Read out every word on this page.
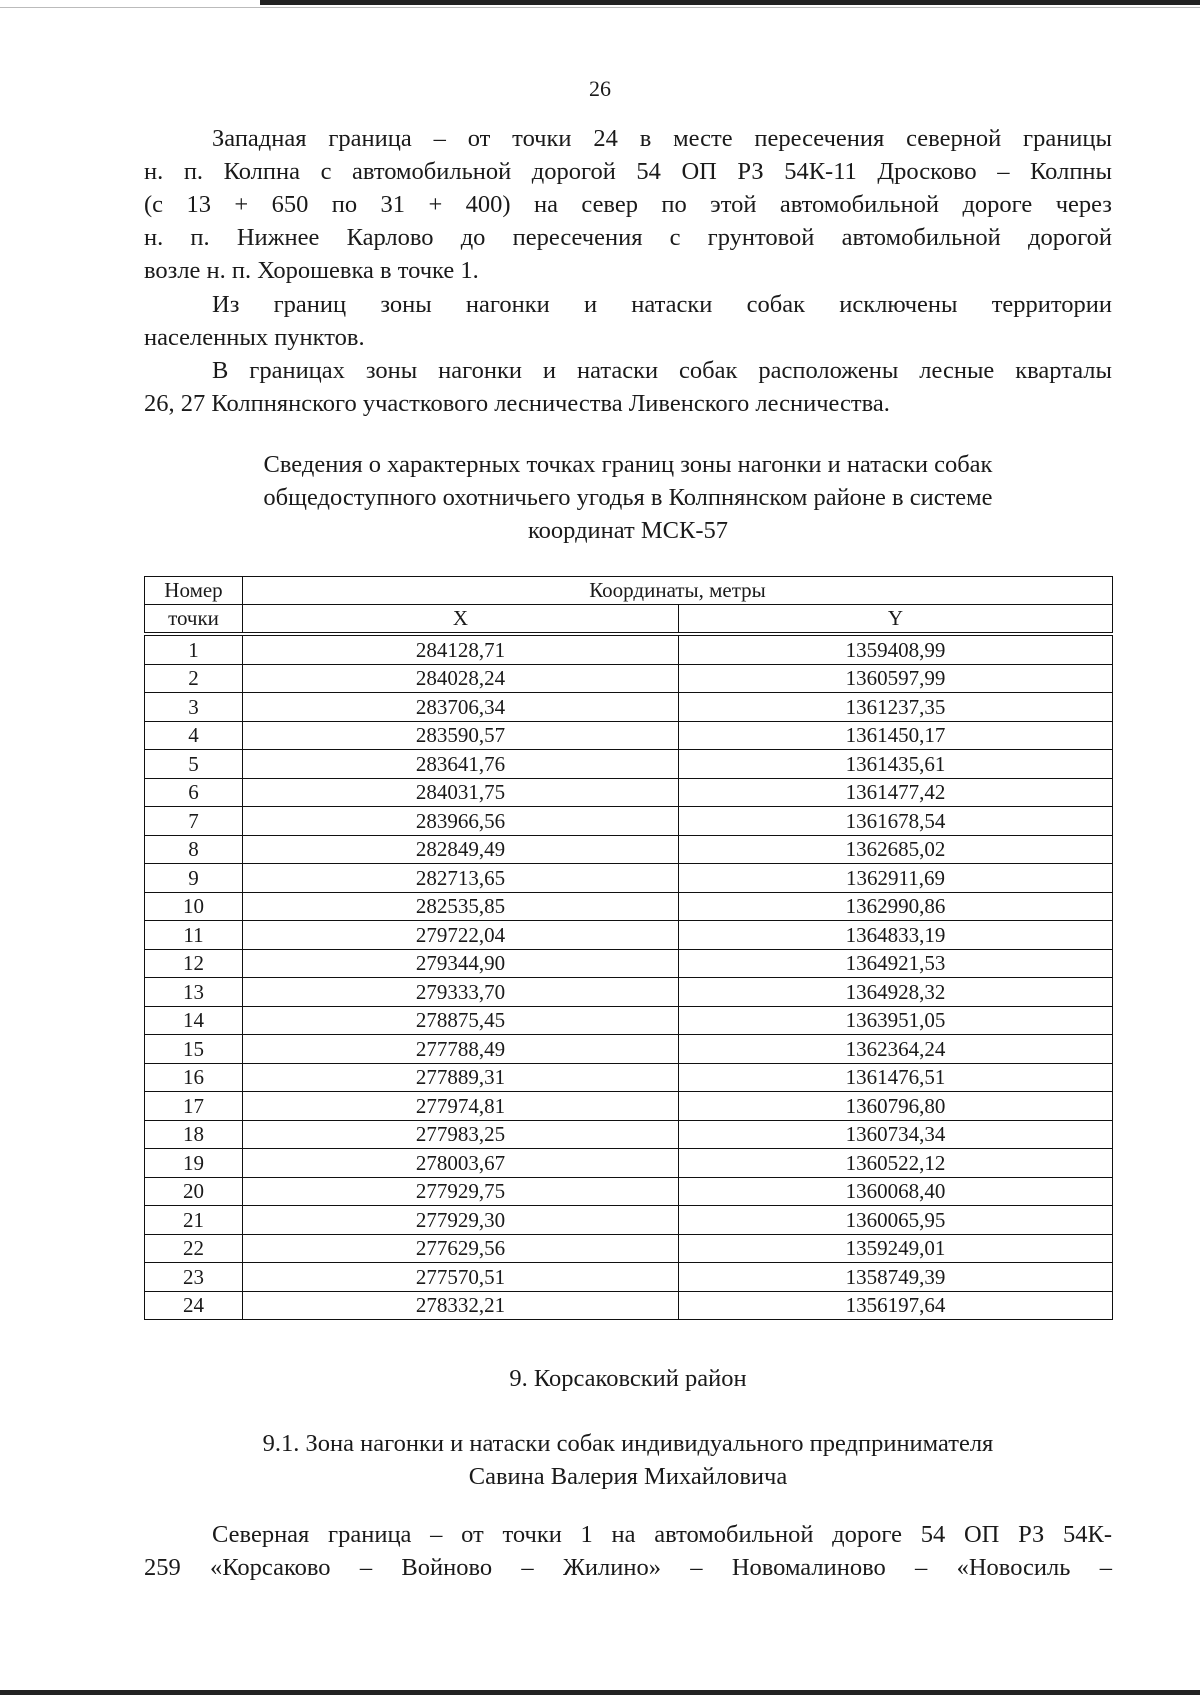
26
Западная граница – от точки 24 в месте пересечения северной границы
н. п. Колпна с автомобильной дорогой 54 ОП РЗ 54К-11 Дросково – Колпны
(с 13 + 650 по 31 + 400) на север по этой автомобильной дороге через
н. п. Нижнее Карлово до пересечения с грунтовой автомобильной дорогой
возле н. п. Хорошевка в точке 1.
Из границ зоны нагонки и натаски собак исключены территории
населенных пунктов.
В границах зоны нагонки и натаски собак расположены лесные кварталы
26, 27 Колпнянского участкового лесничества Ливенского лесничества.
Сведения о характерных точках границ зоны нагонки и натаски собак
общедоступного охотничьего угодья в Колпнянском районе в системе
координат МСК-57
Номер	Координаты, метры	
точки	X	Y
1	284128,71	1359408,99
2	284028,24	1360597,99
3	283706,34	1361237,35
4	283590,57	1361450,17
5	283641,76	1361435,61
6	284031,75	1361477,42
7	283966,56	1361678,54
8	282849,49	1362685,02
9	282713,65	1362911,69
10	282535,85	1362990,86
11	279722,04	1364833,19
12	279344,90	1364921,53
13	279333,70	1364928,32
14	278875,45	1363951,05
15	277788,49	1362364,24
16	277889,31	1361476,51
17	277974,81	1360796,80
18	277983,25	1360734,34
19	278003,67	1360522,12
20	277929,75	1360068,40
21	277929,30	1360065,95
22	277629,56	1359249,01
23	277570,51	1358749,39
24	278332,21	1356197,64
9. Корсаковский район
9.1. Зона нагонки и натаски собак индивидуального предпринимателя
Савина Валерия Михайловича
Северная граница – от точки 1 на автомобильной дороге 54 ОП РЗ 54К-
259 «Корсаково – Войново – Жилино» – Новомалиново – «Новосиль –
